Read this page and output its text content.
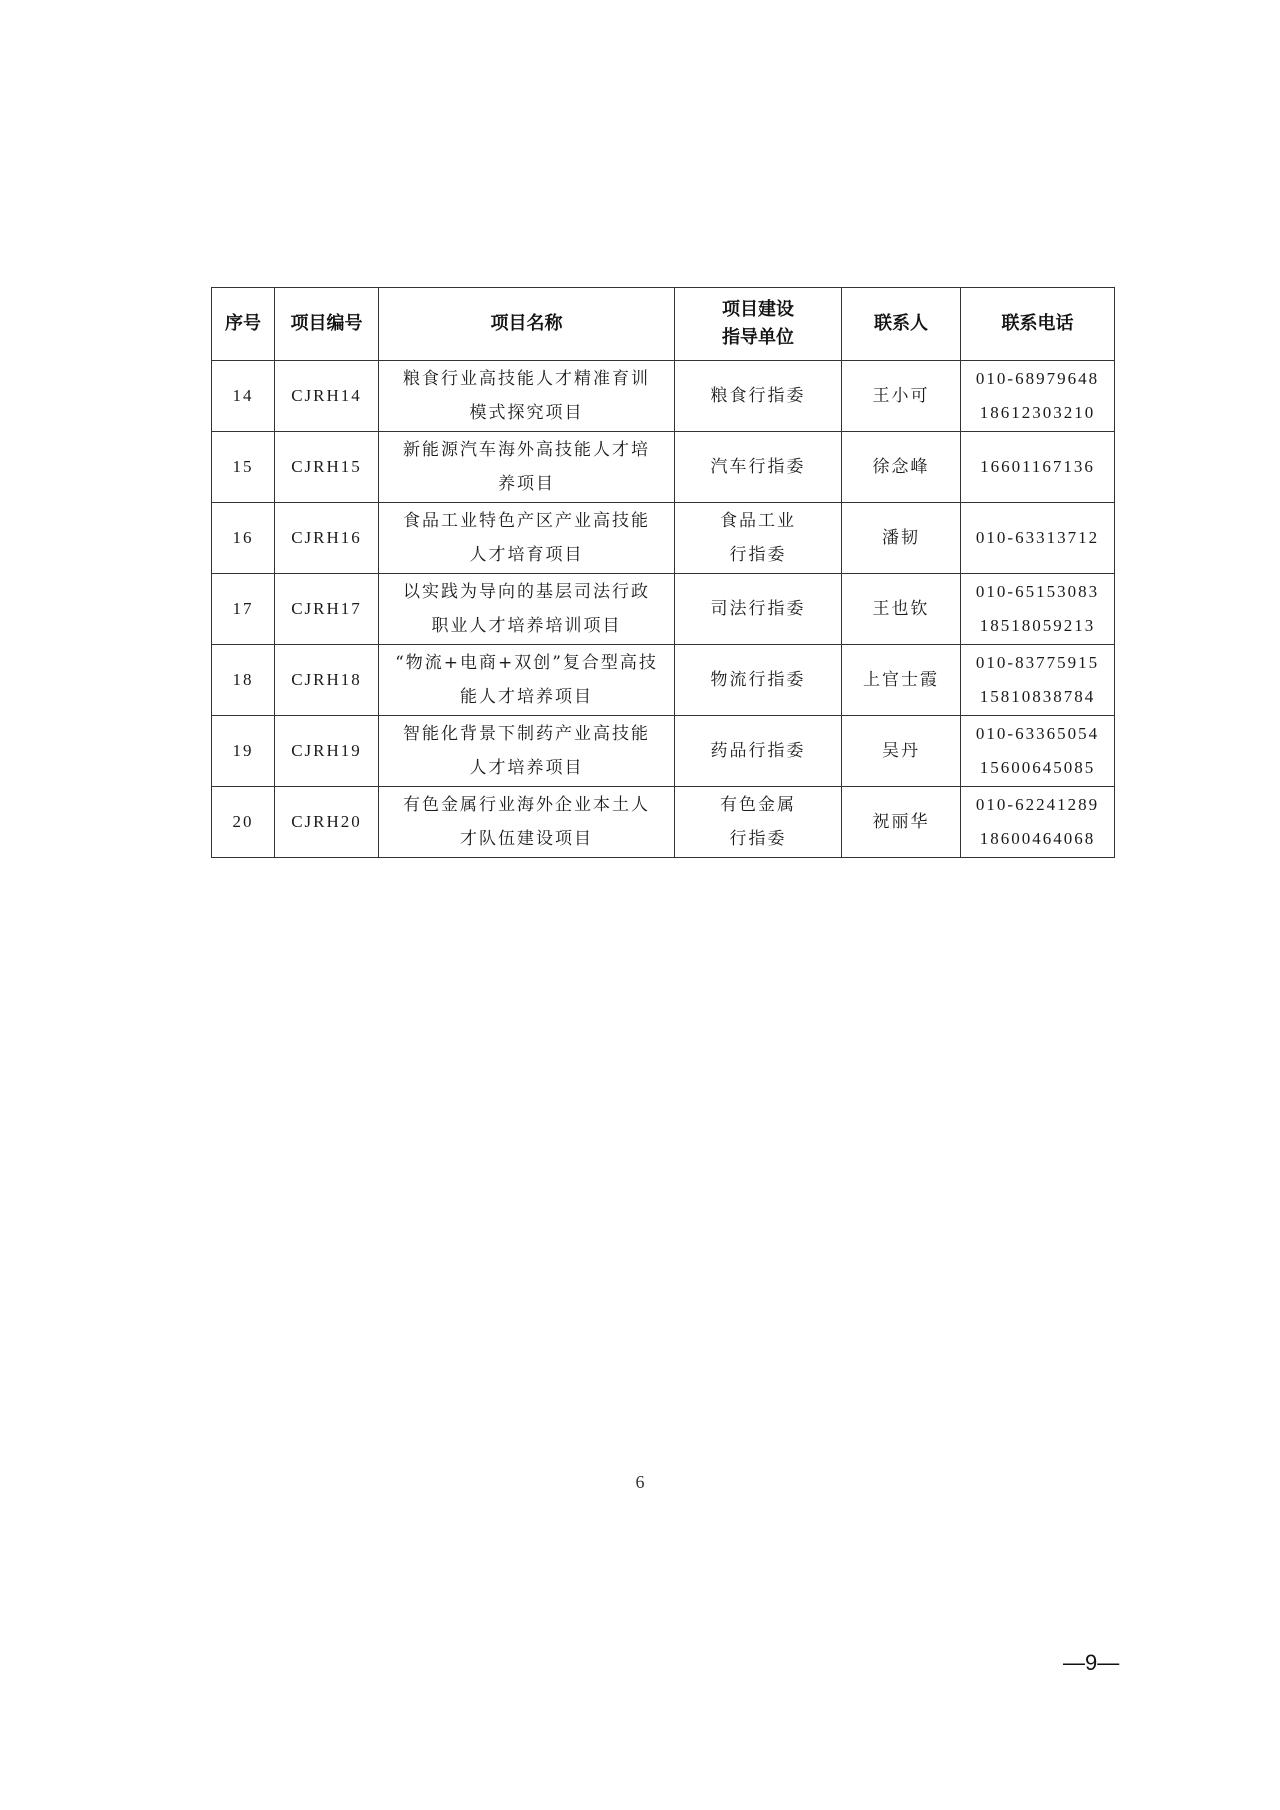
序号	项目编号	项目名称	项目建设
指导单位	联系人	联系电话
14	CJRH14	粮食行业高技能人才精准育训
模式探究项目	粮食行指委	王小可	010-68979648
18612303210

15	CJRH15	新能源汽车海外高技能人才培
养项目	汽车行指委	徐念峰	16601167136

16	CJRH16	食品工业特色产区产业高技能
人才培育项目	食品工业
行指委	潘韧	010-63313712

17	CJRH17	以实践为导向的基层司法行政
职业人才培养培训项目	司法行指委	王也钦	010-65153083
18518059213

18	CJRH18	“物流+电商+双创”复合型高技
能人才培养项目	物流行指委	上官士霞	010-83775915
15810838784

19	CJRH19	智能化背景下制药产业高技能
人才培养项目	药品行指委	吴丹	010-63365054
15600645085

20	CJRH20	有色金属行业海外企业本土人
才队伍建设项目	有色金属
行指委	祝丽华	010-62241289
18600464068
6
—9—
